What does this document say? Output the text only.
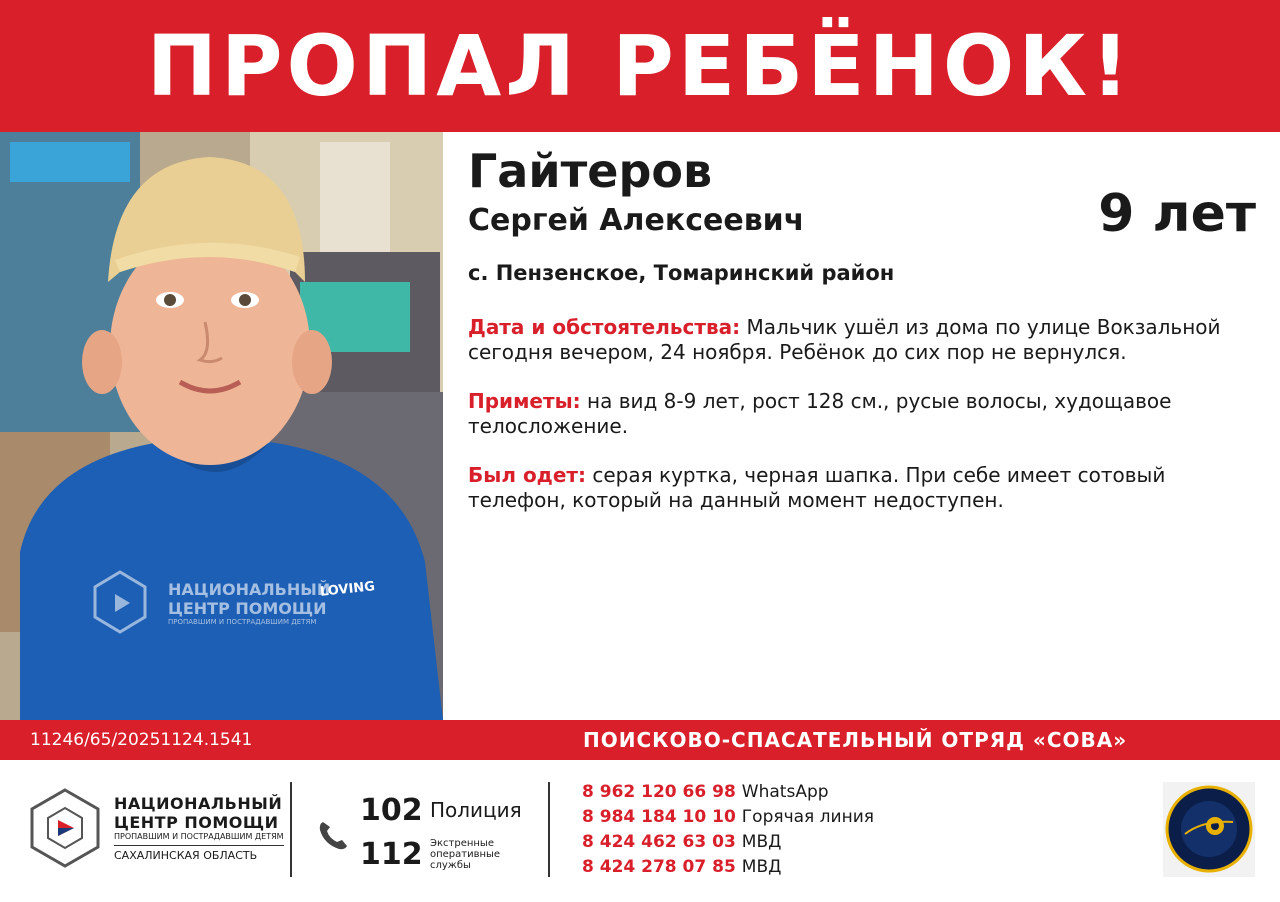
ПРОПАЛ РЕБЁНОК!
НАЦИОНАЛЬНЫЙ
ЦЕНТР ПОМОЩИ
ПРОПАВШИМ И ПОСТРАДАВШИМ ДЕТЯМ
LOVING
Гайтеров
Сергей Алексеевич	9 лет
с. Пензенское, Томаринский район

Дата и обстоятельства: Мальчик ушёл из дома по улице Вокзальной сегодня вечером, 24 ноября. Ребёнок до сих пор не вернулся.

Приметы: на вид 8-9 лет, рост 128 см., русые волосы, худощавое телосложение.

Был одет: серая куртка, черная шапка. При себе имеет сотовый телефон, который на данный момент недоступен.

11246/65/20251124.1541	ПОИСКОВО-СПАСАТЕЛЬНЫЙ ОТРЯД «СОВА»
НАЦИОНАЛЬНЫЙ
ЦЕНТР ПОМОЩИ
ПРОПАВШИМ И ПОСТРАДАВШИМ ДЕТЯМ
САХАЛИНСКАЯ ОБЛАСТЬ
102 Полиция
112 Экстренные оперативные службы
8 962 120 66 98 WhatsApp
8 984 184 10 10 Горячая линия
8 424 462 63 03 МВД
8 424 278 07 85 МВД
